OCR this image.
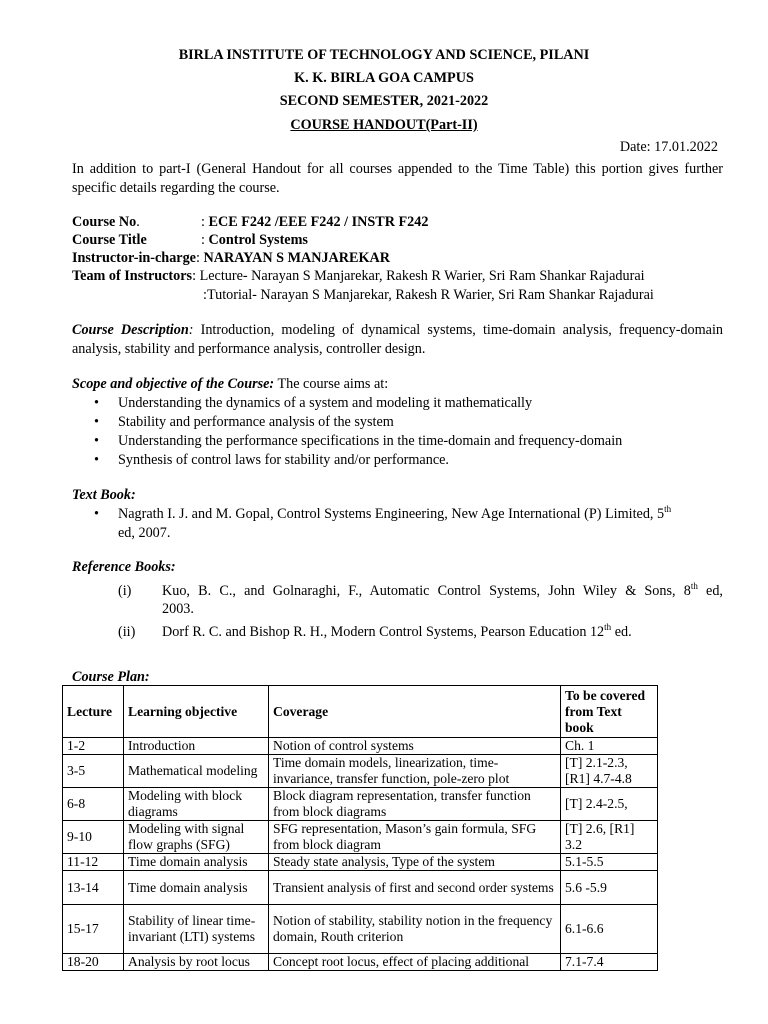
BIRLA INSTITUTE OF TECHNOLOGY AND SCIENCE, PILANI
K. K. BIRLA GOA CAMPUS
SECOND SEMESTER, 2021-2022
COURSE HANDOUT(Part-II)
Date: 17.01.2022
In addition to part-I (General Handout for all courses appended to the Time Table) this portion gives further specific details regarding the course.
Course No.	: ECE F242 /EEE F242 / INSTR F242
Course Title	: Control Systems
Instructor-in-charge: NARAYAN S MANJAREKAR
Team of Instructors: Lecture- Narayan S Manjarekar, Rakesh R Warier, Sri Ram Shankar Rajadurai
:Tutorial- Narayan S Manjarekar, Rakesh R Warier, Sri Ram Shankar Rajadurai
Course Description: Introduction, modeling of dynamical systems, time-domain analysis, frequency-domain analysis, stability and performance analysis, controller design.
Scope and objective of the Course: The course aims at:
• Understanding the dynamics of a system and modeling it mathematically
• Stability and performance analysis of the system
• Understanding the performance specifications in the time-domain and frequency-domain
• Synthesis of control laws for stability and/or performance.
Text Book:
• Nagrath I. J. and M. Gopal, Control Systems Engineering, New Age International (P) Limited, 5th
ed, 2007.
Reference Books:
(i) Kuo, B. C., and Golnaraghi, F., Automatic Control Systems, John Wiley & Sons, 8th ed,
2003.
(ii) Dorf R. C. and Bishop R. H., Modern Control Systems, Pearson Education 12th ed.
Course Plan:
Lecture	Learning objective	Coverage	To be covered from Text book
1-2	Introduction	Notion of control systems	Ch. 1
3-5	Mathematical modeling	Time domain models, linearization, time-invariance, transfer function, pole-zero plot	[T] 2.1-2.3, [R1] 4.7-4.8
6-8	Modeling with block diagrams	Block diagram representation, transfer function from block diagrams	[T] 2.4-2.5,
9-10	Modeling with signal flow graphs (SFG)	SFG representation, Mason’s gain formula, SFG from block diagram	[T] 2.6, [R1] 3.2
11-12	Time domain analysis	Steady state analysis, Type of the system	5.1-5.5
13-14	Time domain analysis	Transient analysis of first and second order systems	5.6 -5.9
15-17	Stability of linear time-invariant (LTI) systems	Notion of stability, stability notion in the frequency domain, Routh criterion	6.1-6.6
18-20	Analysis by root locus	Concept root locus, effect of placing additional	7.1-7.4
